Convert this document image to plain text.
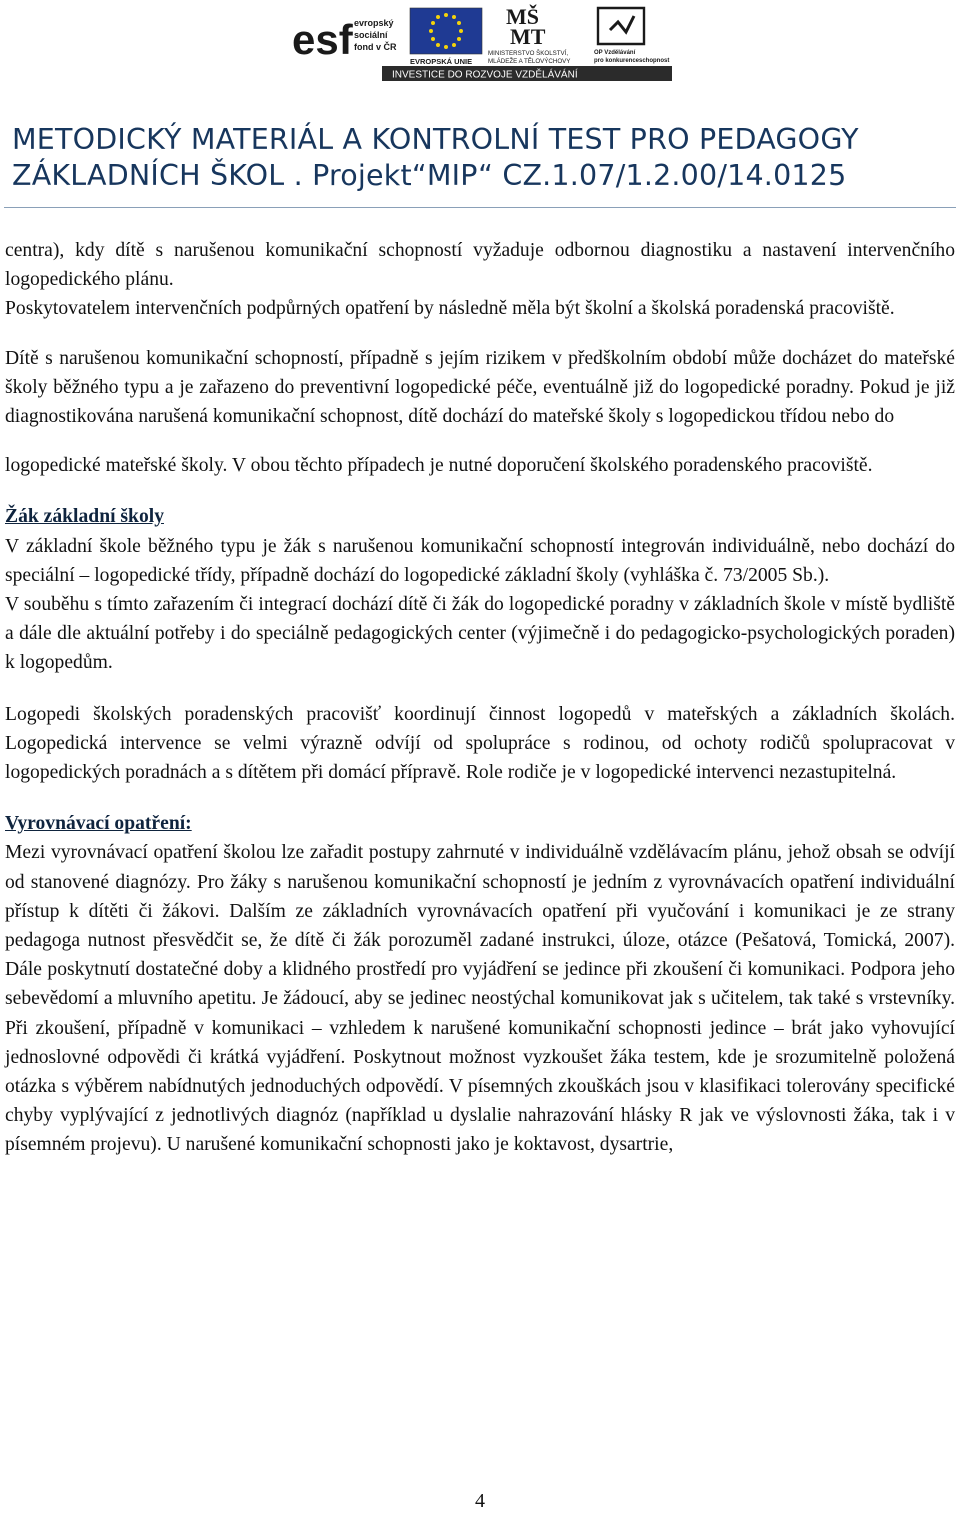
esf evropský
sociální
fond v ČR
EVROPSKÁ UNIE
MŠ
MT
MINISTERSTVO ŠKOLSTVÍ,
MLÁDEŽE A TĚLOVÝCHOVY
OP Vzdělávání
pro konkurenceschopnost
INVESTICE DO ROZVOJE VZDĚLÁVÁNÍ
METODICKÝ MATERIÁL A KONTROLNÍ TEST PRO PEDAGOGY
ZÁKLADNÍCH ŠKOL . Projekt“MIP“ CZ.1.07/1.2.00/14.0125

centra), kdy dítě s narušenou komunikační schopností vyžaduje odbornou diagnostiku a nastavení intervenčního logopedického plánu.

Poskytovatelem intervenčních podpůrných opatření by následně měla být školní a školská poradenská pracoviště.

Dítě s narušenou komunikační schopností, případně s jejím rizikem v předškolním období může docházet do mateřské školy běžného typu a je zařazeno do preventivní logopedické péče, eventuálně již do logopedické poradny. Pokud je již diagnostikována narušená komunikační schopnost, dítě dochází do mateřské školy s logopedickou třídou nebo do

logopedické mateřské školy. V obou těchto případech je nutné doporučení školského poradenského pracoviště.

Žák základní školy

V základní škole běžného typu je žák s narušenou komunikační schopností integrován individuálně, nebo dochází do speciální – logopedické třídy, případně dochází do logopedické základní školy (vyhláška č. 73/2005 Sb.).

V souběhu s tímto zařazením či integrací dochází dítě či žák do logopedické poradny v základních škole v místě bydliště a dále dle aktuální potřeby i do speciálně pedagogických center (výjimečně i do pedagogicko-psychologických poraden) k logopedům.

Logopedi školských poradenských pracovišť koordinují činnost logopedů v mateřských a základních školách. Logopedická intervence se velmi výrazně odvíjí od spolupráce s rodinou, od ochoty rodičů spolupracovat v logopedických poradnách a s dítětem při domácí přípravě. Role rodiče je v logopedické intervenci nezastupitelná.

Vyrovnávací opatření:

Mezi vyrovnávací opatření školou lze zařadit postupy zahrnuté v individuálně vzdělávacím plánu, jehož obsah se odvíjí od stanovené diagnózy. Pro žáky s narušenou komunikační schopností je jedním z vyrovnávacích opatření individuální přístup k dítěti či žákovi. Dalším ze základních vyrovnávacích opatření při vyučování i komunikaci je ze strany pedagoga nutnost přesvědčit se, že dítě či žák porozuměl zadané instrukci, úloze, otázce (Pešatová, Tomická, 2007). Dále poskytnutí dostatečné doby a klidného prostředí pro vyjádření se jedince při zkoušení či komunikaci. Podpora jeho sebevědomí a mluvního apetitu. Je žádoucí, aby se jedinec neostýchal komunikovat jak s učitelem, tak také s vrstevníky. Při zkoušení, případně v komunikaci – vzhledem k narušené komunikační schopnosti jedince – brát jako vyhovující jednoslovné odpovědi či krátká vyjádření. Poskytnout možnost vyzkoušet žáka testem, kde je srozumitelně položená otázka s výběrem nabídnutých jednoduchých odpovědí. V písemných zkouškách jsou v klasifikaci tolerovány specifické chyby vyplývající z jednotlivých diagnóz (například u dyslalie nahrazování hlásky R jak ve výslovnosti žáka, tak i v písemném projevu). U narušené komunikační schopnosti jako je koktavost, dysartrie,

4
